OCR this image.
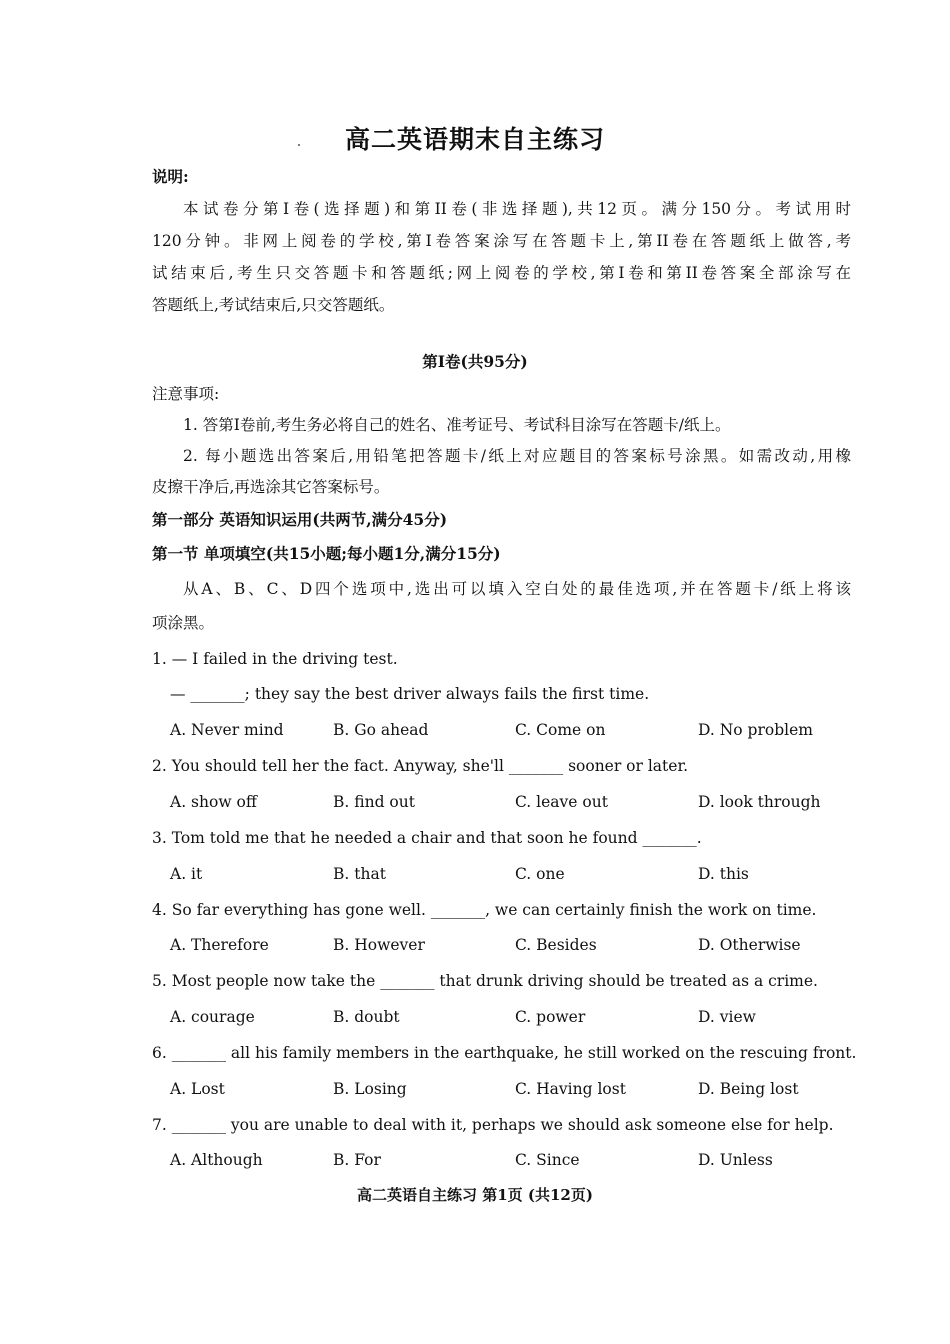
高二英语期末自主练习
说明:
本试卷分第I卷(选择题)和第II卷(非选择题),共12页。满分150分。考试用时
120分钟。非网上阅卷的学校,第I卷答案涂写在答题卡上,第II卷在答题纸上做答,考
试结束后,考生只交答题卡和答题纸;网上阅卷的学校,第I卷和第II卷答案全部涂写在
答题纸上,考试结束后,只交答题纸。
第I卷(共95分)
注意事项:
1. 答第I卷前,考生务必将自己的姓名、准考证号、考试科目涂写在答题卡/纸上。
2. 每小题选出答案后,用铅笔把答题卡/纸上对应题目的答案标号涂黑。如需改动,用橡
皮擦干净后,再选涂其它答案标号。
第一部分 英语知识运用(共两节,满分45分)
第一节 单项填空(共15小题;每小题1分,满分15分)
从A、B、C、D四个选项中,选出可以填入空白处的最佳选项,并在答题卡/纸上将该
项涂黑。
1. — I failed in the driving test.
— _______; they say the best driver always fails the first time.
A. Never mind	B. Go ahead	C. Come on	D. No problem
2. You should tell her the fact. Anyway, she'll _______ sooner or later.
A. show off	B. find out	C. leave out	D. look through
3. Tom told me that he needed a chair and that soon he found _______.
A. it	B. that	C. one	D. this
4. So far everything has gone well. _______, we can certainly finish the work on time.
A. Therefore	B. However	C. Besides	D. Otherwise
5. Most people now take the _______ that drunk driving should be treated as a crime.
A. courage	B. doubt	C. power	D. view
6. _______ all his family members in the earthquake, he still worked on the rescuing front.
A. Lost	B. Losing	C. Having lost	D. Being lost
7. _______ you are unable to deal with it, perhaps we should ask someone else for help.
A. Although	B. For	C. Since	D. Unless
高二英语自主练习 第1页 (共12页)
